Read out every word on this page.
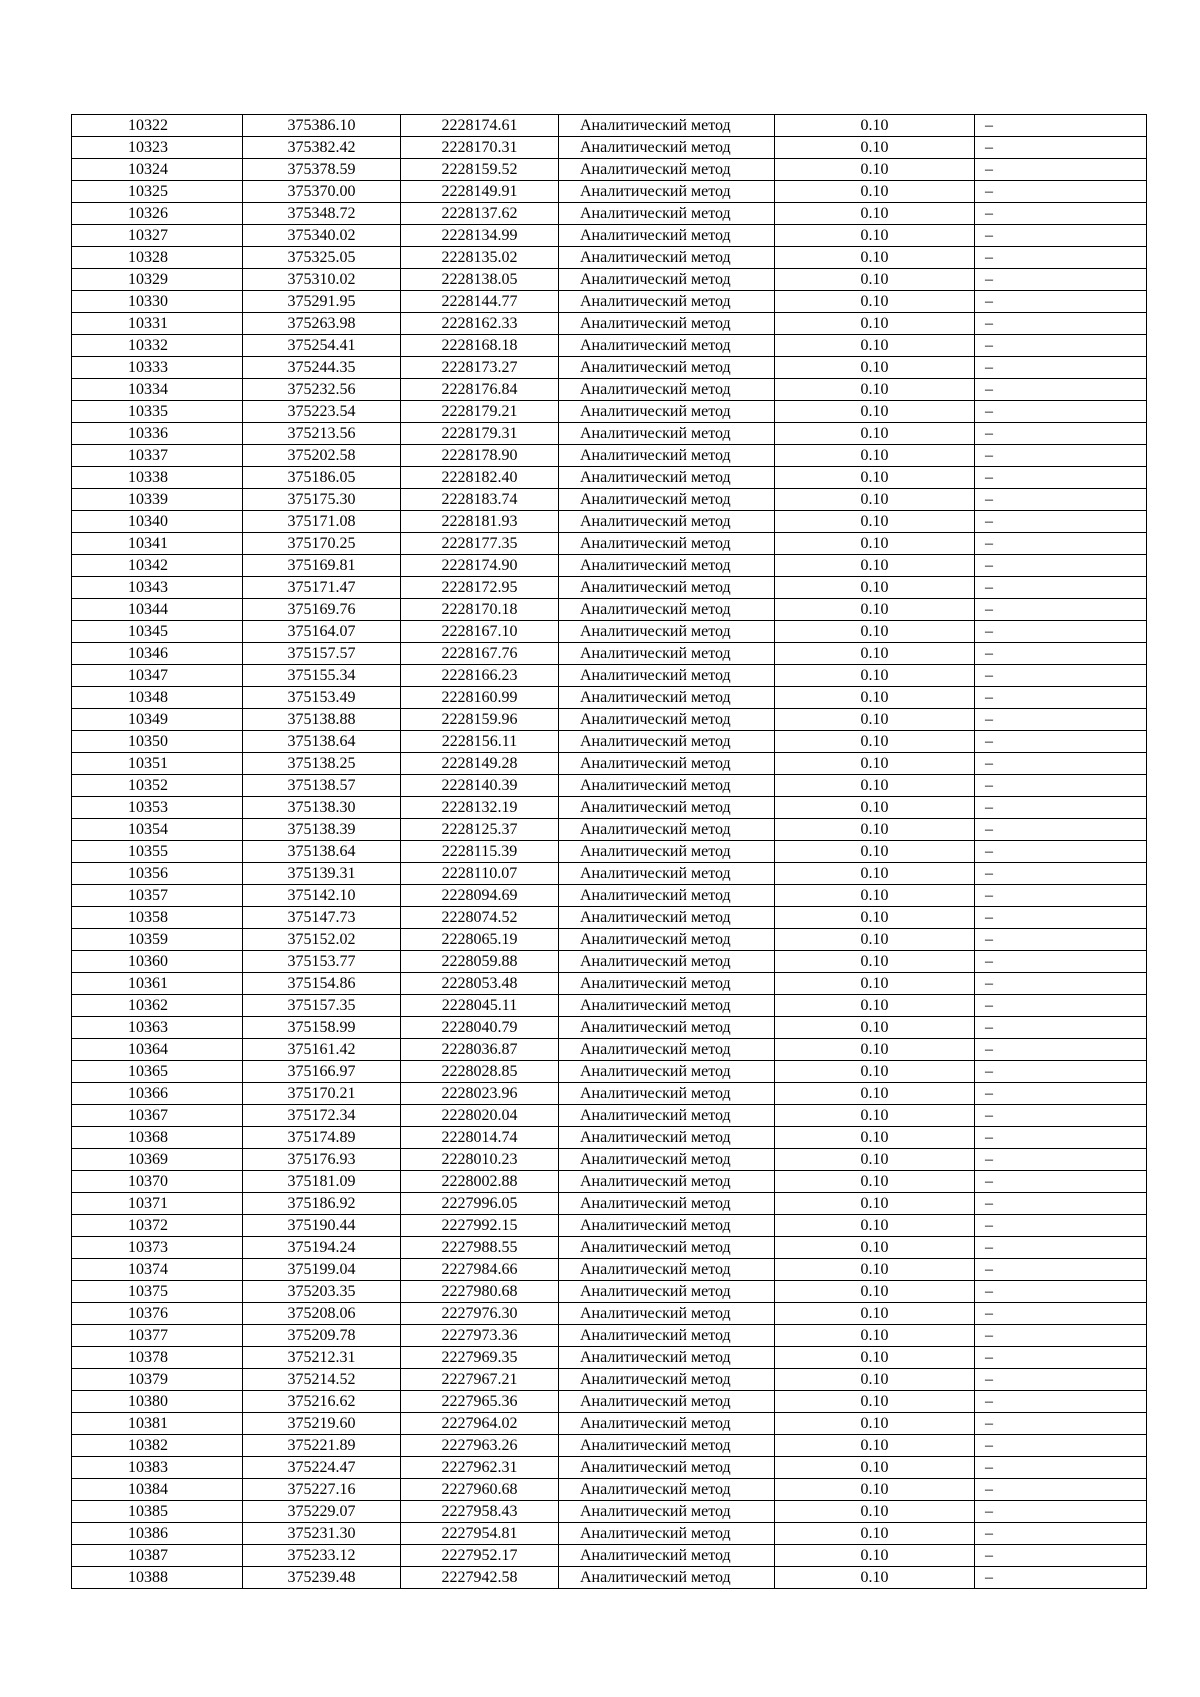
10322	375386.10	2228174.61	Аналитический метод	0.10	–
10323	375382.42	2228170.31	Аналитический метод	0.10	–
10324	375378.59	2228159.52	Аналитический метод	0.10	–
10325	375370.00	2228149.91	Аналитический метод	0.10	–
10326	375348.72	2228137.62	Аналитический метод	0.10	–
10327	375340.02	2228134.99	Аналитический метод	0.10	–
10328	375325.05	2228135.02	Аналитический метод	0.10	–
10329	375310.02	2228138.05	Аналитический метод	0.10	–
10330	375291.95	2228144.77	Аналитический метод	0.10	–
10331	375263.98	2228162.33	Аналитический метод	0.10	–
10332	375254.41	2228168.18	Аналитический метод	0.10	–
10333	375244.35	2228173.27	Аналитический метод	0.10	–
10334	375232.56	2228176.84	Аналитический метод	0.10	–
10335	375223.54	2228179.21	Аналитический метод	0.10	–
10336	375213.56	2228179.31	Аналитический метод	0.10	–
10337	375202.58	2228178.90	Аналитический метод	0.10	–
10338	375186.05	2228182.40	Аналитический метод	0.10	–
10339	375175.30	2228183.74	Аналитический метод	0.10	–
10340	375171.08	2228181.93	Аналитический метод	0.10	–
10341	375170.25	2228177.35	Аналитический метод	0.10	–
10342	375169.81	2228174.90	Аналитический метод	0.10	–
10343	375171.47	2228172.95	Аналитический метод	0.10	–
10344	375169.76	2228170.18	Аналитический метод	0.10	–
10345	375164.07	2228167.10	Аналитический метод	0.10	–
10346	375157.57	2228167.76	Аналитический метод	0.10	–
10347	375155.34	2228166.23	Аналитический метод	0.10	–
10348	375153.49	2228160.99	Аналитический метод	0.10	–
10349	375138.88	2228159.96	Аналитический метод	0.10	–
10350	375138.64	2228156.11	Аналитический метод	0.10	–
10351	375138.25	2228149.28	Аналитический метод	0.10	–
10352	375138.57	2228140.39	Аналитический метод	0.10	–
10353	375138.30	2228132.19	Аналитический метод	0.10	–
10354	375138.39	2228125.37	Аналитический метод	0.10	–
10355	375138.64	2228115.39	Аналитический метод	0.10	–
10356	375139.31	2228110.07	Аналитический метод	0.10	–
10357	375142.10	2228094.69	Аналитический метод	0.10	–
10358	375147.73	2228074.52	Аналитический метод	0.10	–
10359	375152.02	2228065.19	Аналитический метод	0.10	–
10360	375153.77	2228059.88	Аналитический метод	0.10	–
10361	375154.86	2228053.48	Аналитический метод	0.10	–
10362	375157.35	2228045.11	Аналитический метод	0.10	–
10363	375158.99	2228040.79	Аналитический метод	0.10	–
10364	375161.42	2228036.87	Аналитический метод	0.10	–
10365	375166.97	2228028.85	Аналитический метод	0.10	–
10366	375170.21	2228023.96	Аналитический метод	0.10	–
10367	375172.34	2228020.04	Аналитический метод	0.10	–
10368	375174.89	2228014.74	Аналитический метод	0.10	–
10369	375176.93	2228010.23	Аналитический метод	0.10	–
10370	375181.09	2228002.88	Аналитический метод	0.10	–
10371	375186.92	2227996.05	Аналитический метод	0.10	–
10372	375190.44	2227992.15	Аналитический метод	0.10	–
10373	375194.24	2227988.55	Аналитический метод	0.10	–
10374	375199.04	2227984.66	Аналитический метод	0.10	–
10375	375203.35	2227980.68	Аналитический метод	0.10	–
10376	375208.06	2227976.30	Аналитический метод	0.10	–
10377	375209.78	2227973.36	Аналитический метод	0.10	–
10378	375212.31	2227969.35	Аналитический метод	0.10	–
10379	375214.52	2227967.21	Аналитический метод	0.10	–
10380	375216.62	2227965.36	Аналитический метод	0.10	–
10381	375219.60	2227964.02	Аналитический метод	0.10	–
10382	375221.89	2227963.26	Аналитический метод	0.10	–
10383	375224.47	2227962.31	Аналитический метод	0.10	–
10384	375227.16	2227960.68	Аналитический метод	0.10	–
10385	375229.07	2227958.43	Аналитический метод	0.10	–
10386	375231.30	2227954.81	Аналитический метод	0.10	–
10387	375233.12	2227952.17	Аналитический метод	0.10	–
10388	375239.48	2227942.58	Аналитический метод	0.10	–
